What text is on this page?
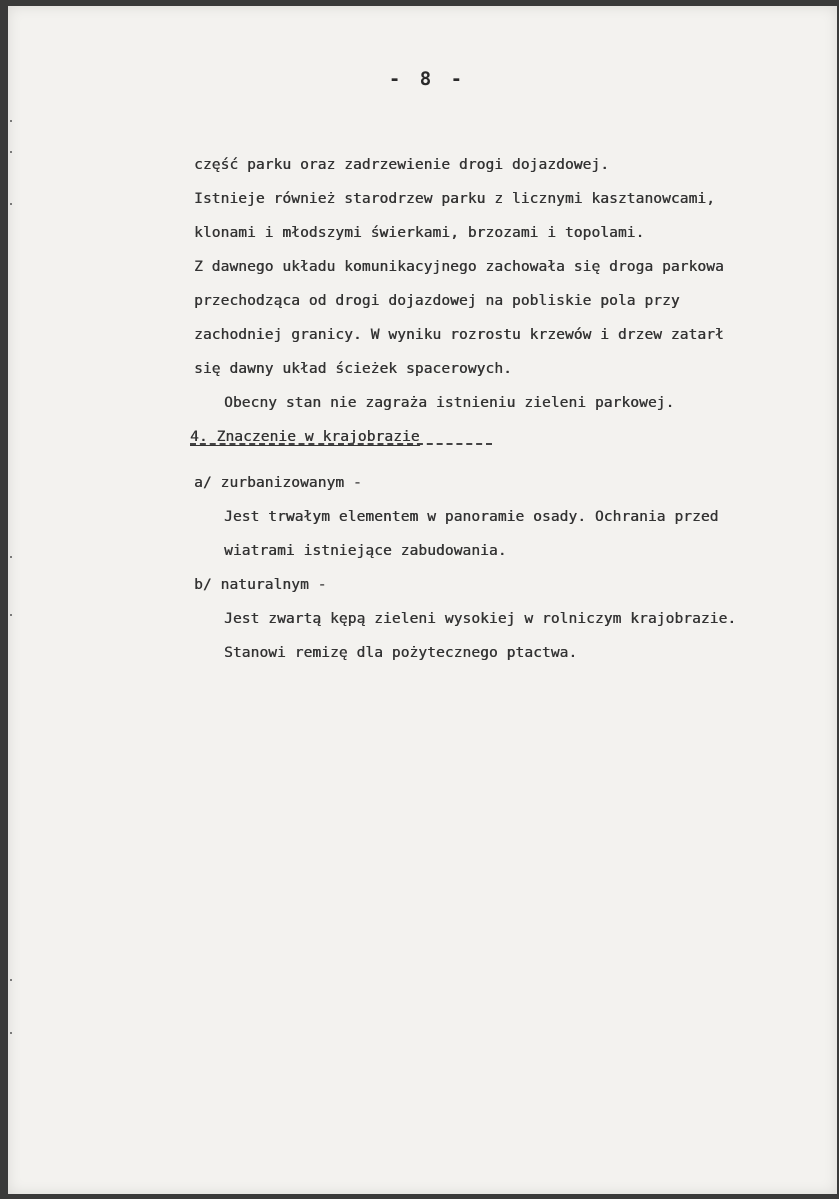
- 8 -
część parku oraz zadrzewienie drogi dojazdowej.
Istnieje również starodrzew parku z licznymi kasztanowcami,
klonami i młodszymi świerkami, brzozami i topolami.
Z dawnego układu komunikacyjnego zachowała się droga parkowa
przechodząca od drogi dojazdowej na pobliskie pola przy
zachodniej granicy. W wyniku rozrostu krzewów i drzew zatarł
się dawny układ ścieżek spacerowych.
Obecny stan nie zagraża istnieniu zieleni parkowej.
4. Znaczenie w krajobrazie
a/ zurbanizowanym -
Jest trwałym elementem w panoramie osady. Ochrania przed
wiatrami istniejące zabudowania.
b/ naturalnym -
Jest zwartą kępą zieleni wysokiej w rolniczym krajobrazie.
Stanowi remizę dla pożytecznego ptactwa.
